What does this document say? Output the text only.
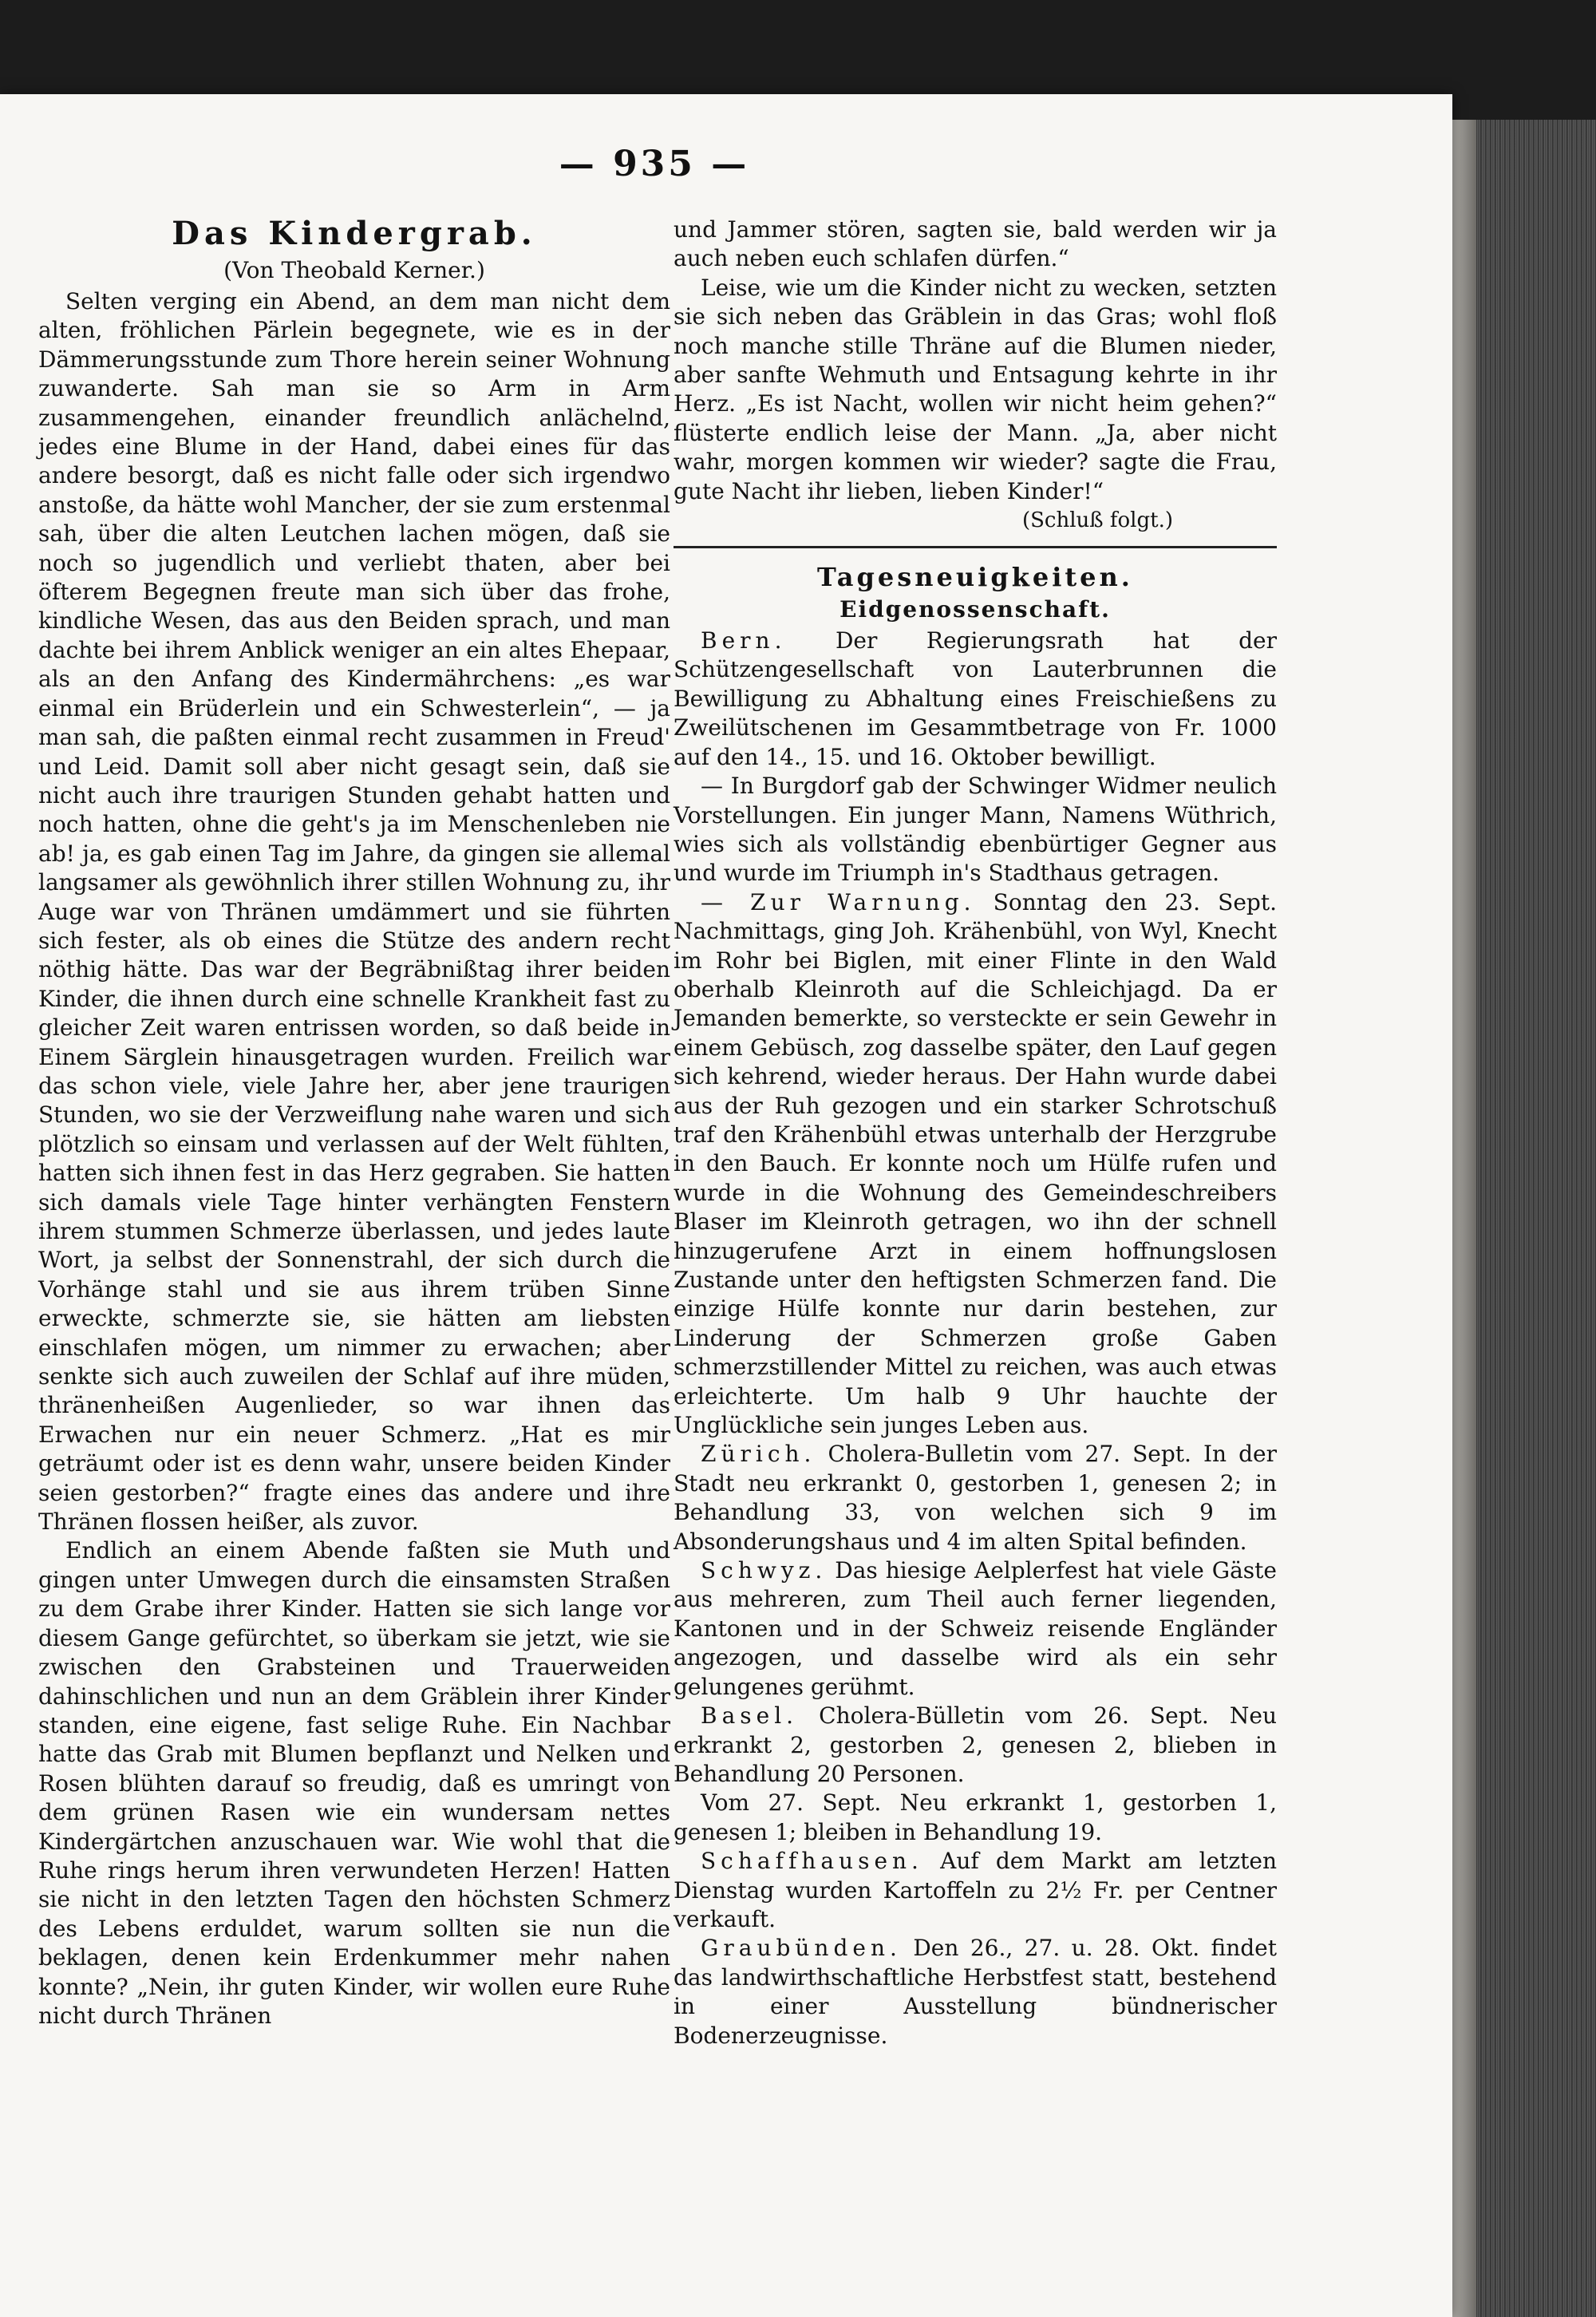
— 935 —
Das Kindergrab.
(Von Theobald Kerner.)

Selten verging ein Abend, an dem man nicht dem alten, fröhlichen Pärlein begegnete, wie es in der Dämmerungsstunde zum Thore herein seiner Wohnung zuwanderte. Sah man sie so Arm in Arm zusammengehen, einander freundlich anlächelnd, jedes eine Blume in der Hand, dabei eines für das andere besorgt, daß es nicht falle oder sich irgendwo anstoße, da hätte wohl Mancher, der sie zum erstenmal sah, über die alten Leutchen lachen mögen, daß sie noch so jugendlich und verliebt thaten, aber bei öfterem Begegnen freute man sich über das frohe, kindliche Wesen, das aus den Beiden sprach, und man dachte bei ihrem Anblick weniger an ein altes Ehepaar, als an den Anfang des Kindermährchens: „es war einmal ein Brüderlein und ein Schwesterlein“, — ja man sah, die paßten einmal recht zusammen in Freud' und Leid. Damit soll aber nicht gesagt sein, daß sie nicht auch ihre traurigen Stunden gehabt hatten und noch hatten, ohne die geht's ja im Menschenleben nie ab! ja, es gab einen Tag im Jahre, da gingen sie allemal langsamer als gewöhnlich ihrer stillen Wohnung zu, ihr Auge war von Thränen umdämmert und sie führten sich fester, als ob eines die Stütze des andern recht nöthig hätte. Das war der Begräbnißtag ihrer beiden Kinder, die ihnen durch eine schnelle Krankheit fast zu gleicher Zeit waren entrissen worden, so daß beide in Einem Särglein hinausgetragen wurden. Freilich war das schon viele, viele Jahre her, aber jene traurigen Stunden, wo sie der Verzweiflung nahe waren und sich plötzlich so einsam und verlassen auf der Welt fühlten, hatten sich ihnen fest in das Herz gegraben. Sie hatten sich damals viele Tage hinter verhängten Fenstern ihrem stummen Schmerze überlassen, und jedes laute Wort, ja selbst der Sonnenstrahl, der sich durch die Vorhänge stahl und sie aus ihrem trüben Sinne erweckte, schmerzte sie, sie hätten am liebsten einschlafen mögen, um nimmer zu erwachen; aber senkte sich auch zuweilen der Schlaf auf ihre müden, thränenheißen Augenlieder, so war ihnen das Erwachen nur ein neuer Schmerz. „Hat es mir geträumt oder ist es denn wahr, unsere beiden Kinder seien gestorben?“ fragte eines das andere und ihre Thränen flossen heißer, als zuvor.

Endlich an einem Abende faßten sie Muth und gingen unter Umwegen durch die einsamsten Straßen zu dem Grabe ihrer Kinder. Hatten sie sich lange vor diesem Gange gefürchtet, so überkam sie jetzt, wie sie zwischen den Grabsteinen und Trauerweiden dahinschlichen und nun an dem Gräblein ihrer Kinder standen, eine eigene, fast selige Ruhe. Ein Nachbar hatte das Grab mit Blumen bepflanzt und Nelken und Rosen blühten darauf so freudig, daß es umringt von dem grünen Rasen wie ein wundersam nettes Kindergärtchen anzuschauen war. Wie wohl that die Ruhe rings herum ihren verwundeten Herzen! Hatten sie nicht in den letzten Tagen den höchsten Schmerz des Lebens erduldet, warum sollten sie nun die beklagen, denen kein Erdenkummer mehr nahen konnte? „Nein, ihr guten Kinder, wir wollen eure Ruhe nicht durch Thränen

und Jammer stören, sagten sie, bald werden wir ja auch neben euch schlafen dürfen.“

Leise, wie um die Kinder nicht zu wecken, setzten sie sich neben das Gräblein in das Gras; wohl floß noch manche stille Thräne auf die Blumen nieder, aber sanfte Wehmuth und Entsagung kehrte in ihr Herz. „Es ist Nacht, wollen wir nicht heim gehen?“ flüsterte endlich leise der Mann. „Ja, aber nicht wahr, morgen kommen wir wieder? sagte die Frau, gute Nacht ihr lieben, lieben Kinder!“

(Schluß folgt.)
Tagesneuigkeiten.
Eidgenossenschaft.

Bern. Der Regierungsrath hat der Schützengesellschaft von Lauterbrunnen die Bewilligung zu Abhaltung eines Freischießens zu Zweilütschenen im Gesammtbetrage von Fr. 1000 auf den 14., 15. und 16. Oktober bewilligt.

— In Burgdorf gab der Schwinger Widmer neulich Vorstellungen. Ein junger Mann, Namens Wüthrich, wies sich als vollständig ebenbürtiger Gegner aus und wurde im Triumph in's Stadthaus getragen.

— Zur Warnung. Sonntag den 23. Sept. Nachmittags, ging Joh. Krähenbühl, von Wyl, Knecht im Rohr bei Biglen, mit einer Flinte in den Wald oberhalb Kleinroth auf die Schleichjagd. Da er Jemanden bemerkte, so versteckte er sein Gewehr in einem Gebüsch, zog dasselbe später, den Lauf gegen sich kehrend, wieder heraus. Der Hahn wurde dabei aus der Ruh gezogen und ein starker Schrotschuß traf den Krähenbühl etwas unterhalb der Herzgrube in den Bauch. Er konnte noch um Hülfe rufen und wurde in die Wohnung des Gemeindeschreibers Blaser im Kleinroth getragen, wo ihn der schnell hinzugerufene Arzt in einem hoffnungslosen Zustande unter den heftigsten Schmerzen fand. Die einzige Hülfe konnte nur darin bestehen, zur Linderung der Schmerzen große Gaben schmerzstillender Mittel zu reichen, was auch etwas erleichterte. Um halb 9 Uhr hauchte der Unglückliche sein junges Leben aus.

Zürich. Cholera-Bulletin vom 27. Sept. In der Stadt neu erkrankt 0, gestorben 1, genesen 2; in Behandlung 33, von welchen sich 9 im Absonderungshaus und 4 im alten Spital befinden.

Schwyz. Das hiesige Aelplerfest hat viele Gäste aus mehreren, zum Theil auch ferner liegenden, Kantonen und in der Schweiz reisende Engländer angezogen, und dasselbe wird als ein sehr gelungenes gerühmt.

Basel. Cholera-Bülletin vom 26. Sept. Neu erkrankt 2, gestorben 2, genesen 2, blieben in Behandlung 20 Personen.

Vom 27. Sept. Neu erkrankt 1, gestorben 1, genesen 1; bleiben in Behandlung 19.

Schaffhausen. Auf dem Markt am letzten Dienstag wurden Kartoffeln zu 2½ Fr. per Centner verkauft.

Graubünden. Den 26., 27. u. 28. Okt. findet das landwirthschaftliche Herbstfest statt, bestehend in einer Ausstellung bündnerischer Bodenerzeugnisse.
